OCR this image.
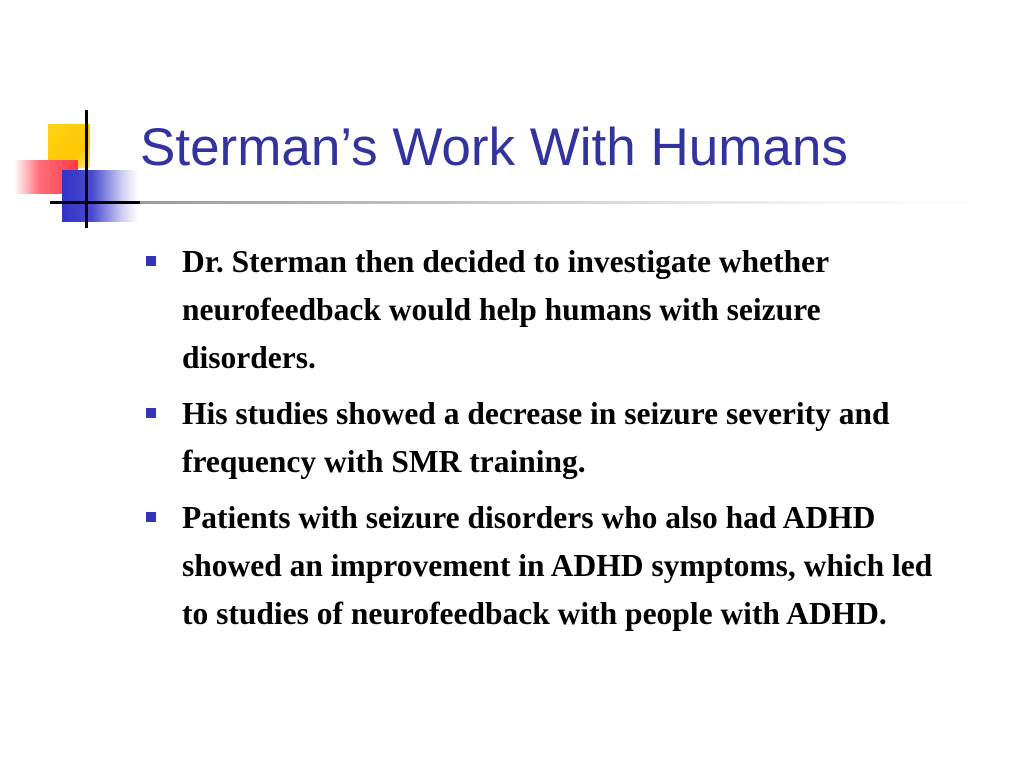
Sterman’s Work With Humans
Dr. Sterman then decided to investigate whether neurofeedback would help humans with seizure disorders.
His studies showed a decrease in seizure severity and frequency with SMR training.
Patients with seizure disorders who also had ADHD showed an improvement in ADHD symptoms, which led to studies of neurofeedback with people with ADHD.
